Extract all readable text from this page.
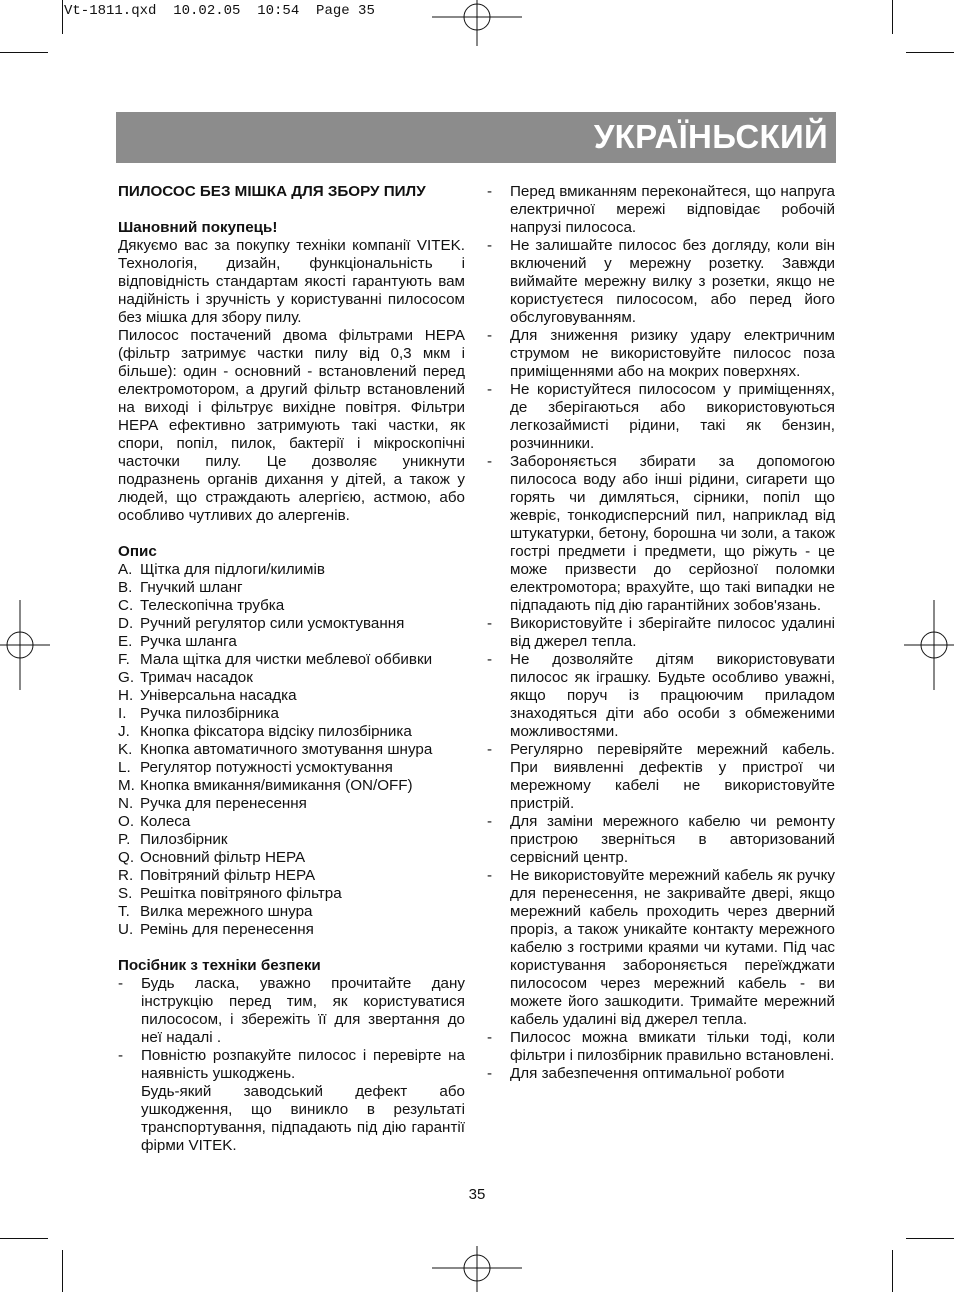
Vt-1811.qxd  10.02.05  10:54  Page 35
УКРАЇНЬСКИЙ

ПИЛОСОС БЕЗ МІШКА ДЛЯ ЗБОРУ ПИЛУ

Шановний покупець!

Дякуємо вас за покупку техніки компанії VITEK. Технологія, дизайн, функціональність і відповідність стандартам якості гарантують вам надійність і зручність у користуванні пилососом без мішка для збору пилу.

Пилосос постачений двома фільтрами HEPA (фільтр затримує частки пилу від 0,3 мкм і більше): один - основний - встановлений перед електромотором, а другий фільтр встановлений на виході і фільтрує вихідне повітря. Фільтри HEPA ефективно затримують такі частки, як спори, попіл, пилок, бактерії і мікроскопічні часточки пилу. Це дозволяє уникнути подразнень органів дихання у дітей, а також у людей, що страждають алергією, астмою, або особливо чутливих до алергенів.

Опис

A. Щітка для підлоги/килимів
B. Гнучкий шланг
C. Телескопічна трубка
D. Ручний регулятор сили усмоктування
E. Ручка шланга
F. Мала щітка для чистки меблевої оббивки
G. Тримач насадок
H. Універсальна насадка
I. Ручка пилозбірника
J. Кнопка фіксатора відсіку пилозбірника
K. Кнопка автоматичного змотування шнура
L. Регулятор потужності усмоктування
M. Кнопка вмикання/вимикання (ON/OFF)
N. Ручка для перенесення
O. Колеса
P. Пилозбірник
Q. Основний фільтр HEPA
R. Повітряний фільтр HEPA
S. Решітка повітряного фільтра
T. Вилка мережного шнура
U. Ремінь для перенесення

Посібник з техніки безпеки

-	Будь ласка, уважно прочитайте дану інструкцію перед тим, як користуватися пилососом, і збережіть її для звертання до неї надалі .
-	Повністю розпакуйте пилосос і перевірте на наявність ушкоджень.
Будь-який заводський дефект або ушкодження, що виникло в результаті транспортування, підпадають під дію гарантії фірми VITEK.
-	Перед вмиканням переконайтеся, що напруга електричної мережі відповідає робочій напрузі пилососа.
-	Не залишайте пилосос без догляду, коли він включений у мережну розетку. Завжди виймайте мережну вилку з розетки, якщо не користуєтеся пилососом, або перед його обслуговуванням.
-	Для зниження ризику удару електричним струмом не використовуйте пилосос поза приміщеннями або на мокрих поверхнях.
-	Не користуйтеся пилососом у приміщеннях, де зберігаються або використовуються легкозаймисті рідини, такі як бензин, розчинники.
-	Забороняється збирати за допомогою пилососа воду або інші рідини, сигарети що горять чи димляться, сірники, попіл що жевріє, тонкодисперсний пил, наприклад від штукатурки, бетону, борошна чи золи, а також гострі предмети і предмети, що ріжуть - це може призвести до серйозної поломки електромотора; врахуйте, що такі випадки не підпадають під дію гарантійних зобов'язань.
-	Використовуйте і зберігайте пилосос удалині від джерел тепла.
-	Не дозволяйте дітям використовувати пилосос як іграшку. Будьте особливо уважні, якщо поруч із працюючим приладом знаходяться діти або особи з обмеженими можливостями.
-	Регулярно перевіряйте мережний кабель. При виявленні дефектів у пристрої чи мережному кабелі не використовуйте пристрій.
-	Для заміни мережного кабелю чи ремонту пристрою зверніться в авторизований сервісний центр.
-	Не використовуйте мережний кабель як ручку для перенесення, не закривайте двері, якщо мережний кабель проходить через дверний проріз, а також уникайте контакту мережного кабелю з гострими краями чи кутами. Під час користування забороняється переїжджати пилососом через мережний кабель - ви можете його зашкодити. Тримайте мережний кабель удалині від джерел тепла.
-	Пилосос можна вмикати тільки тоді, коли фільтри і пилозбірник правильно встановлені.
-	Для забезпечення оптимальної роботи
35
